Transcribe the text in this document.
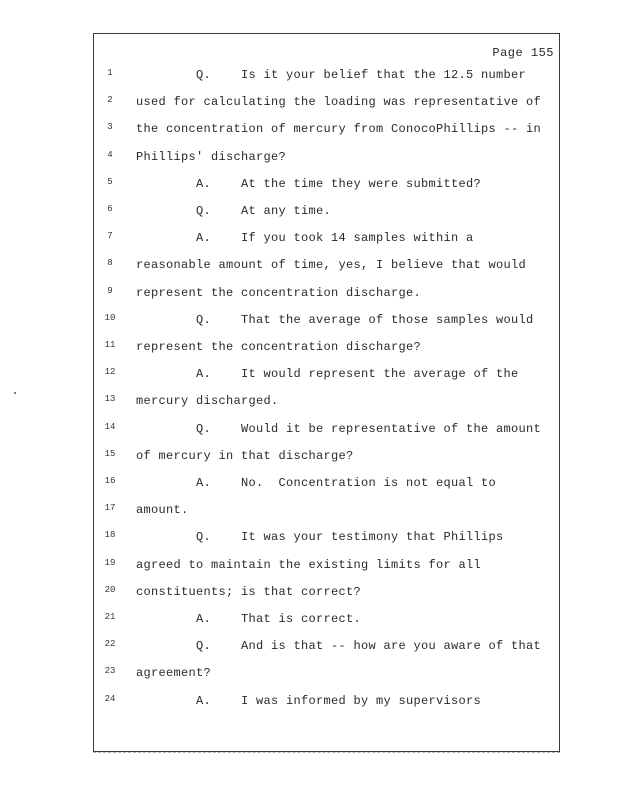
Page 155
1	Q.    Is it your belief that the 12.5 number
2	used for calculating the loading was representative of
3	the concentration of mercury from ConocoPhillips -- in
4	Phillips' discharge?
5	A.    At the time they were submitted?
6	Q.    At any time.
7	A.    If you took 14 samples within a
8	reasonable amount of time, yes, I believe that would
9	represent the concentration discharge.
10 Q.    That the average of those samples would
11 represent the concentration discharge?
12 A.    It would represent the average of the
13 mercury discharged.
14 Q.    Would it be representative of the amount
15 of mercury in that discharge?
16 A.    No.  Concentration is not equal to
17 amount.
18 Q.    It was your testimony that Phillips
19 agreed to maintain the existing limits for all
20 constituents; is that correct?
21 A.    That is correct.
22 Q.    And is that -- how are you aware of that
23 agreement?
24 A.    I was informed by my supervisors
